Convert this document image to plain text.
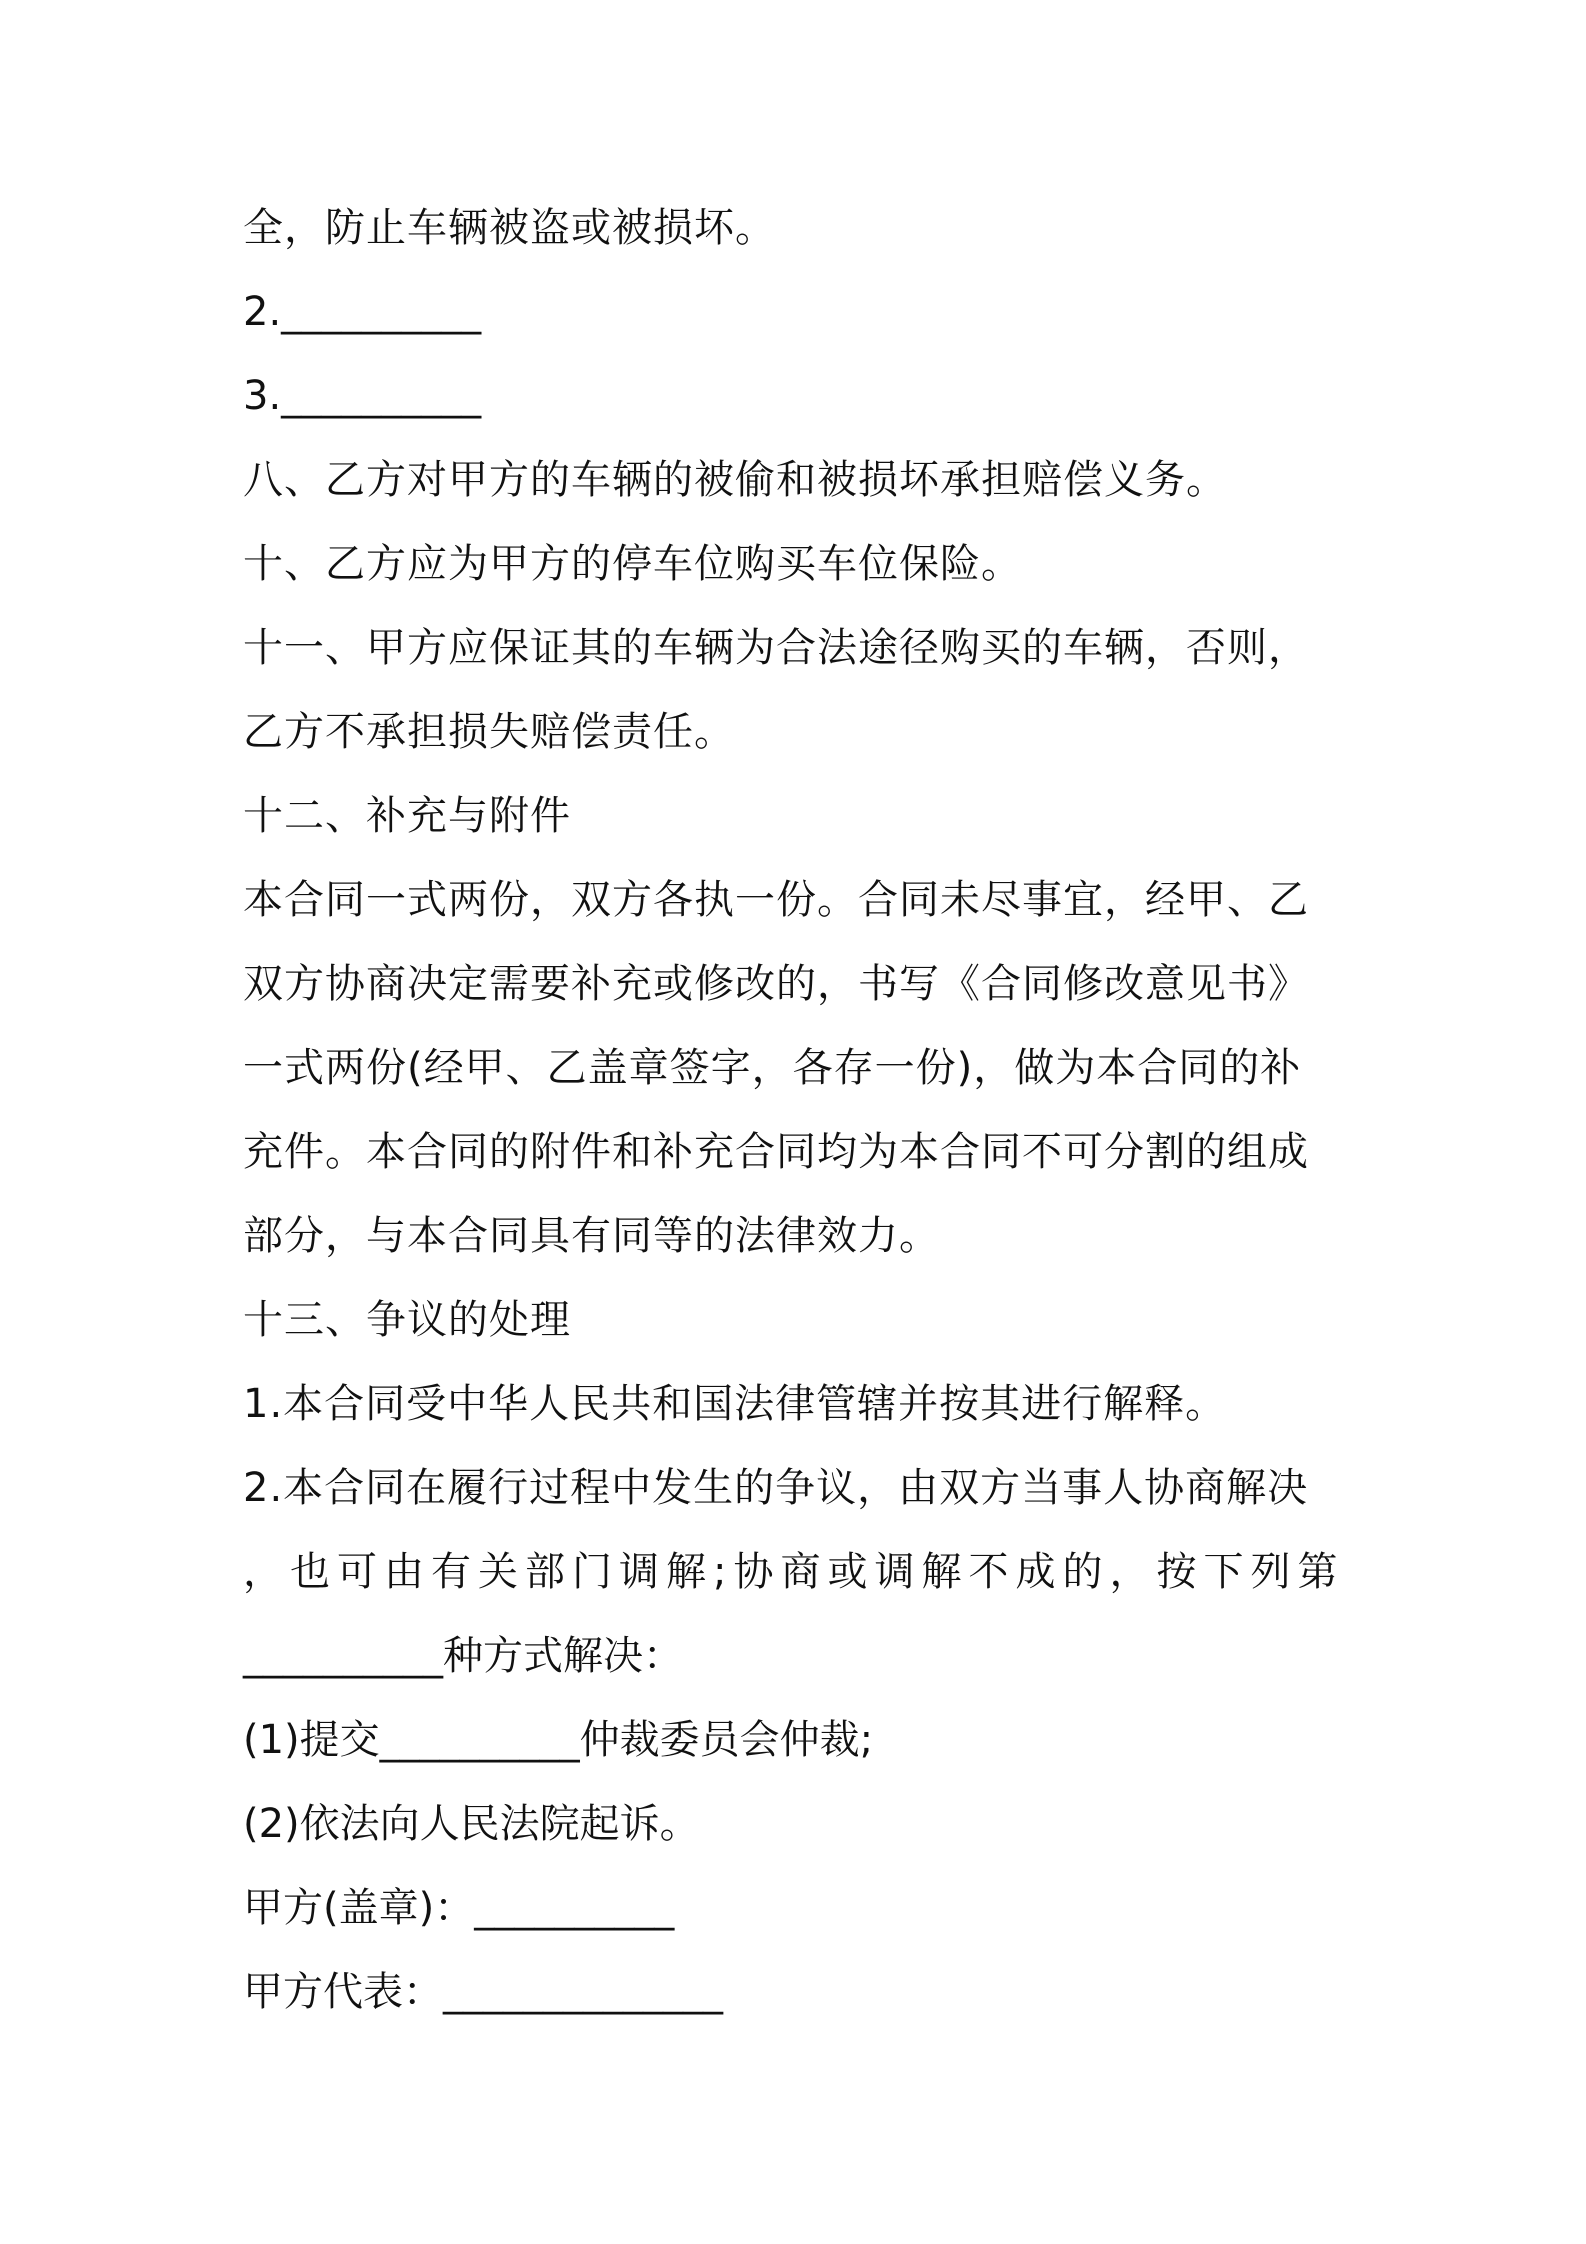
全，防止车辆被盗或被损坏。
2.__________
3.__________
八、乙方对甲方的车辆的被偷和被损坏承担赔偿义务。
十、乙方应为甲方的停车位购买车位保险。
十一、甲方应保证其的车辆为合法途径购买的车辆，否则，
乙方不承担损失赔偿责任。
十二、补充与附件
本合同一式两份，双方各执一份。合同未尽事宜，经甲、乙
双方协商决定需要补充或修改的，书写《合同修改意见书》
一式两份(经甲、乙盖章签字，各存一份)，做为本合同的补
充件。本合同的附件和补充合同均为本合同不可分割的组成
部分，与本合同具有同等的法律效力。
十三、争议的处理
1.本合同受中华人民共和国法律管辖并按其进行解释。
2.本合同在履行过程中发生的争议，由双方当事人协商解决
，也可由有关部门调解;协商或调解不成的，按下列第
__________种方式解决：
(1)提交__________仲裁委员会仲裁;
(2)依法向人民法院起诉。
甲方(盖章)：__________
甲方代表：______________
